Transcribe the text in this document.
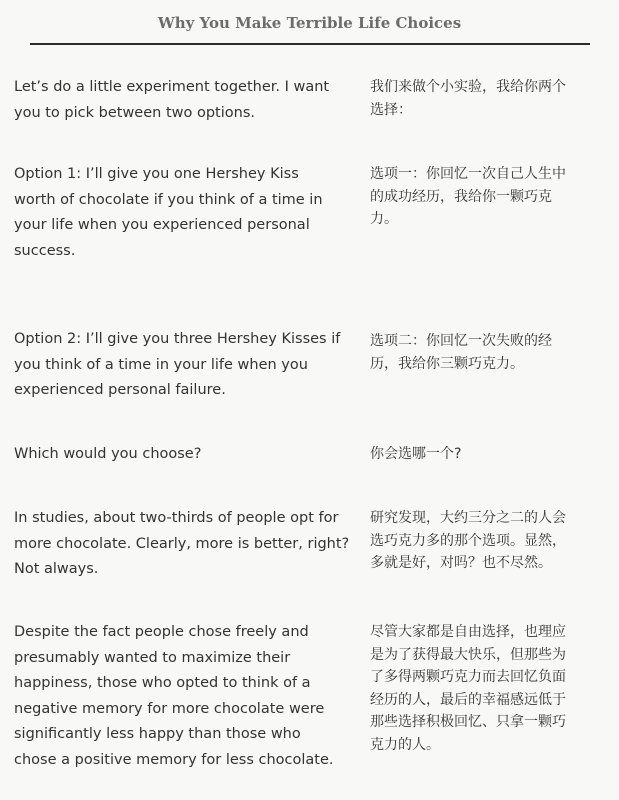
Why You Make Terrible Life Choices
Let’s do a little experiment together. I want
you to pick between two options.
我们来做个小实验，我给你两个
选择：
Option 1: I’ll give you one Hershey Kiss
worth of chocolate if you think of a time in
your life when you experienced personal
success.
选项一：你回忆一次自己人生中
的成功经历，我给你一颗巧克
力。
Option 2: I’ll give you three Hershey Kisses if
you think of a time in your life when you
experienced personal failure.
选项二：你回忆一次失败的经
历，我给你三颗巧克力。
Which would you choose?	你会选哪一个?
In studies, about two-thirds of people opt for
more chocolate. Clearly, more is better, right?
Not always.
研究发现，大约三分之二的人会
选巧克力多的那个选项。显然，
多就是好，对吗？也不尽然。
Despite the fact people chose freely and
presumably wanted to maximize their
happiness, those who opted to think of a
negative memory for more chocolate were
significantly less happy than those who
chose a positive memory for less chocolate.
尽管大家都是自由选择，也理应
是为了获得最大快乐，但那些为
了多得两颗巧克力而去回忆负面
经历的人，最后的幸福感远低于
那些选择积极回忆、只拿一颗巧
克力的人。
